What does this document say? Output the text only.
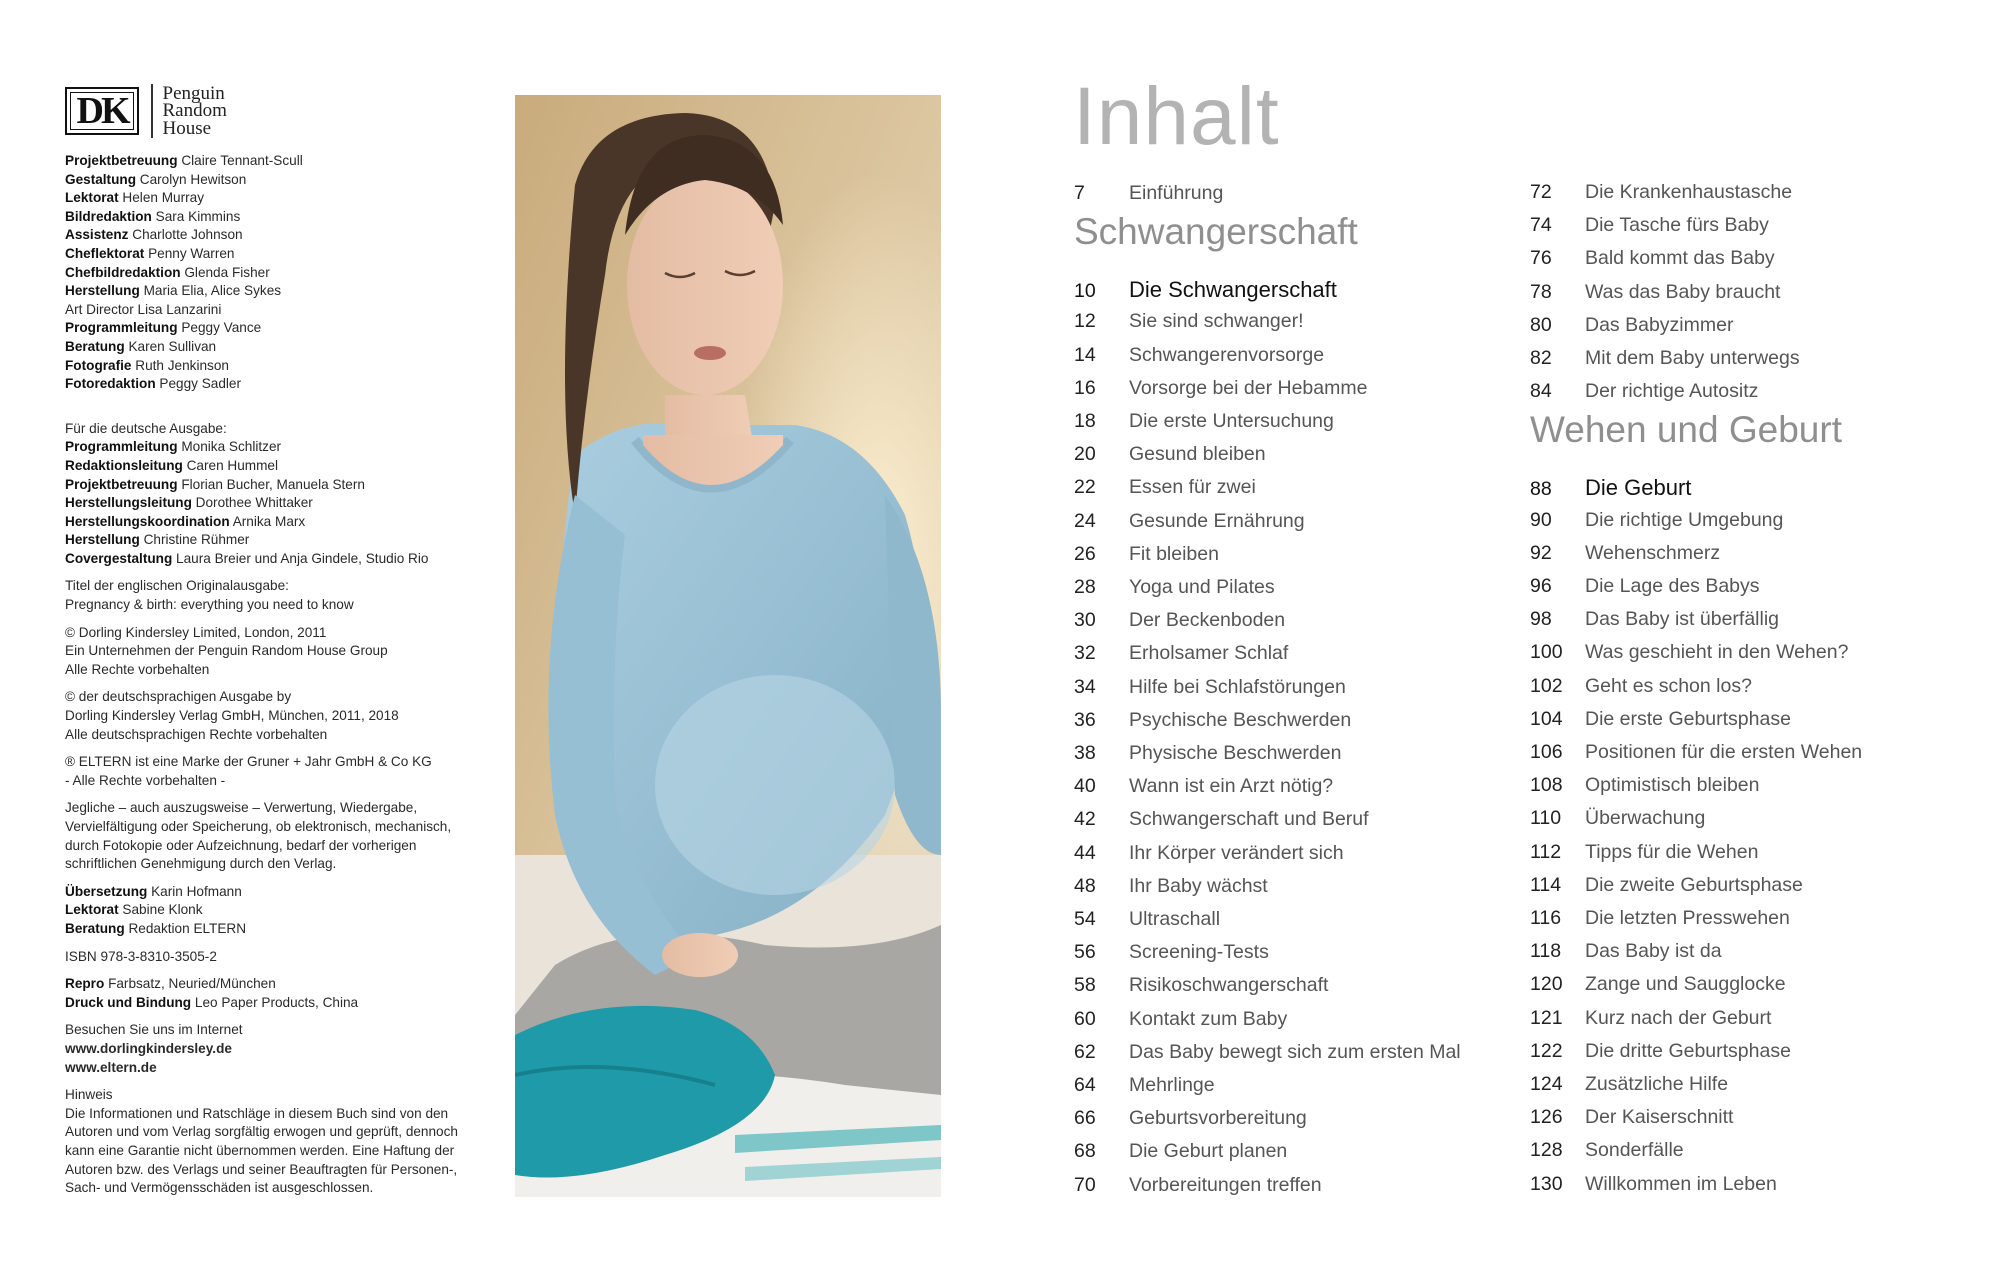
DK	Penguin
Random
House
Projektbetreuung Claire Tennant-Scull
Gestaltung Carolyn Hewitson
Lektorat Helen Murray
Bildredaktion Sara Kimmins
Assistenz Charlotte Johnson
Cheflektorat Penny Warren
Chefbildredaktion Glenda Fisher
Herstellung Maria Elia, Alice Sykes
Art Director Lisa Lanzarini
Programmleitung Peggy Vance
Beratung Karen Sullivan
Fotografie Ruth Jenkinson
Fotoredaktion Peggy Sadler
Für die deutsche Ausgabe:
Programmleitung Monika Schlitzer
Redaktionsleitung Caren Hummel
Projektbetreuung Florian Bucher, Manuela Stern
Herstellungsleitung Dorothee Whittaker
Herstellungskoordination Arnika Marx
Herstellung Christine Rühmer
Covergestaltung Laura Breier und Anja Gindele, Studio Rio
Titel der englischen Originalausgabe:
Pregnancy & birth: everything you need to know
© Dorling Kindersley Limited, London, 2011
Ein Unternehmen der Penguin Random House Group
Alle Rechte vorbehalten
© der deutschsprachigen Ausgabe by
Dorling Kindersley Verlag GmbH, München, 2011, 2018
Alle deutschsprachigen Rechte vorbehalten
® ELTERN ist eine Marke der Gruner + Jahr GmbH & Co KG
- Alle Rechte vorbehalten -
Jegliche – auch auszugsweise – Verwertung, Wiedergabe,
Vervielfältigung oder Speicherung, ob elektronisch, mechanisch,
durch Fotokopie oder Aufzeichnung, bedarf der vorherigen
schriftlichen Genehmigung durch den Verlag.
Übersetzung Karin Hofmann
Lektorat Sabine Klonk
Beratung Redaktion ELTERN
ISBN 978-3-8310-3505-2
Repro Farbsatz, Neuried/München
Druck und Bindung Leo Paper Products, China
Besuchen Sie uns im Internet
www.dorlingkindersley.de
www.eltern.de
Hinweis
Die Informationen und Ratschläge in diesem Buch sind von den
Autoren und vom Verlag sorgfältig erwogen und geprüft, dennoch
kann eine Garantie nicht übernommen werden. Eine Haftung der
Autoren bzw. des Verlags und seiner Beauftragten für Personen-,
Sach- und Vermögensschäden ist ausgeschlossen.
Inhalt
7 Einführung
Schwangerschaft
10 Die Schwangerschaft
12 Sie sind schwanger!
14 Schwangerenvorsorge
16 Vorsorge bei der Hebamme
18 Die erste Untersuchung
20 Gesund bleiben
22 Essen für zwei
24 Gesunde Ernährung
26 Fit bleiben
28 Yoga und Pilates
30 Der Beckenboden
32 Erholsamer Schlaf
34 Hilfe bei Schlafstörungen
36 Psychische Beschwerden
38 Physische Beschwerden
40 Wann ist ein Arzt nötig?
42 Schwangerschaft und Beruf
44 Ihr Körper verändert sich
48 Ihr Baby wächst
54 Ultraschall
56 Screening-Tests
58 Risikoschwangerschaft
60 Kontakt zum Baby
62 Das Baby bewegt sich zum ersten Mal
64 Mehrlinge
66 Geburtsvorbereitung
68 Die Geburt planen
70 Vorbereitungen treffen
72 Die Krankenhaustasche
74 Die Tasche fürs Baby
76 Bald kommt das Baby
78 Was das Baby braucht
80 Das Babyzimmer
82 Mit dem Baby unterwegs
84 Der richtige Autositz
Wehen und Geburt
88 Die Geburt
90 Die richtige Umgebung
92 Wehenschmerz
96 Die Lage des Babys
98 Das Baby ist überfällig
100 Was geschieht in den Wehen?
102 Geht es schon los?
104 Die erste Geburtsphase
106 Positionen für die ersten Wehen
108 Optimistisch bleiben
110 Überwachung
112 Tipps für die Wehen
114 Die zweite Geburtsphase
116 Die letzten Presswehen
118 Das Baby ist da
120 Zange und Saugglocke
121 Kurz nach der Geburt
122 Die dritte Geburtsphase
124 Zusätzliche Hilfe
126 Der Kaiserschnitt
128 Sonderfälle
130 Willkommen im Leben
